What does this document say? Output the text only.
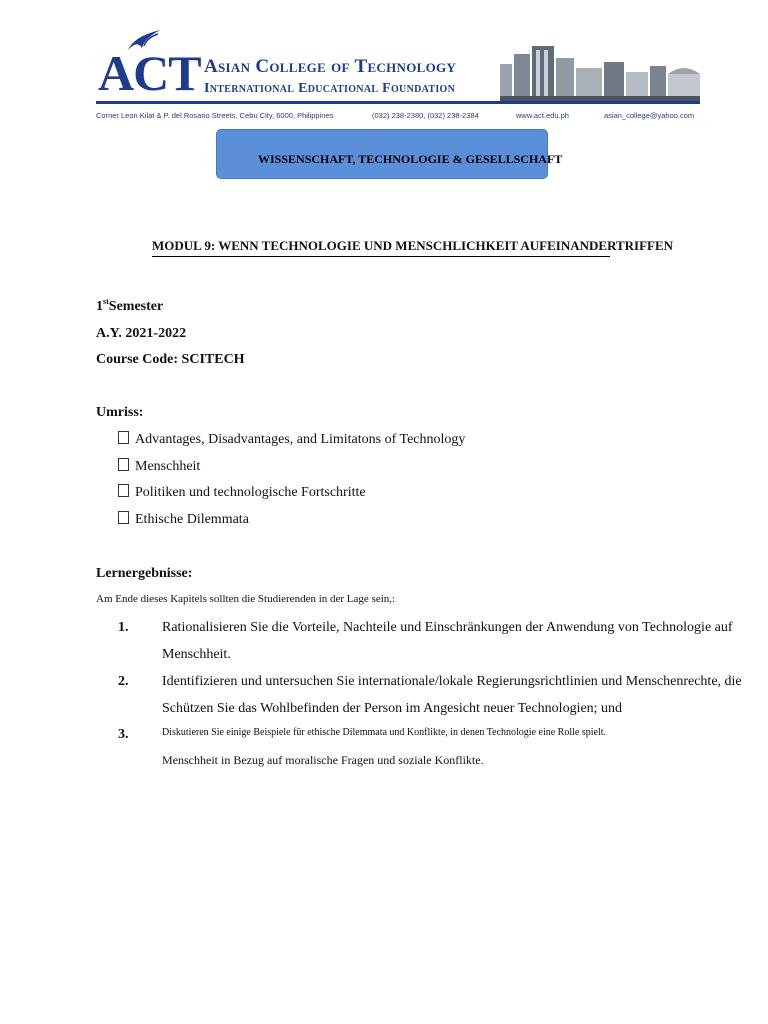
ACT Asian College of Technology
International Educational Foundation
Corner Leon Kilat & P. del Rosario Streets, Cebu City, 6000, Philippines	(032) 238-2380, (032) 238-2384	www.act.edu.ph	asian_college@yahoo.com
WISSENSCHAFT, TECHNOLOGIE & GESELLSCHAFT
MODUL 9: WENN TECHNOLOGIE UND MENSCHLICHKEIT AUFEINANDERTRIFFEN
1stSemester
A.Y. 2021-2022
Course Code: SCITECH
Umriss:
Advantages, Disadvantages, and Limitatons of Technology
Menschheit
Politiken und technologische Fortschritte
Ethische Dilemmata
Lernergebnisse:
Am Ende dieses Kapitels sollten die Studierenden in der Lage sein,:
1. Rationalisieren Sie die Vorteile, Nachteile und Einschränkungen der Anwendung von Technologie auf
Menschheit.
2. Identifizieren und untersuchen Sie internationale/lokale Regierungsrichtlinien und Menschenrechte, die
Schützen Sie das Wohlbefinden der Person im Angesicht neuer Technologien; und
3.	Diskutieren Sie einige Beispiele für ethische Dilemmata und Konflikte, in denen Technologie eine Rolle spielt.
Menschheit in Bezug auf moralische Fragen und soziale Konflikte.
